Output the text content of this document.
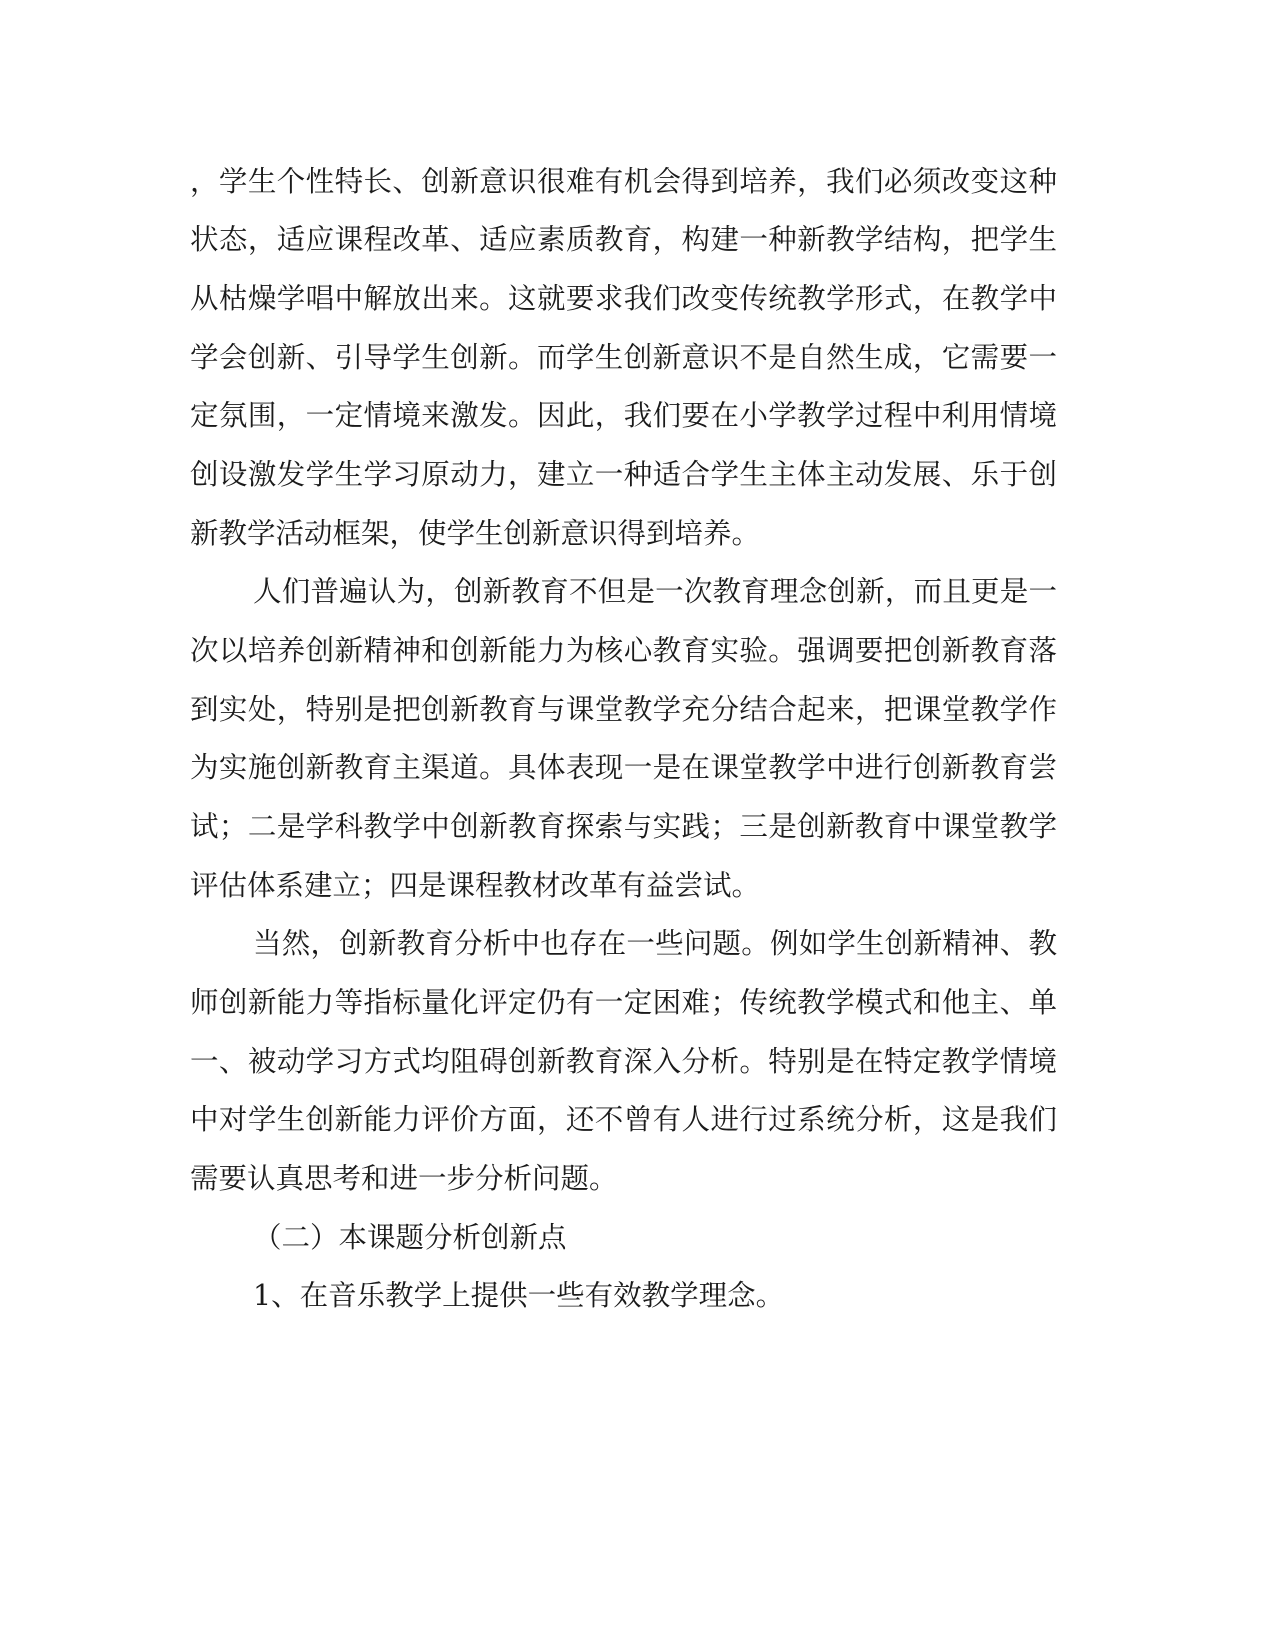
，学生个性特长、创新意识很难有机会得到培养，我们必须改变这种
状态，适应课程改革、适应素质教育，构建一种新教学结构，把学生
从枯燥学唱中解放出来。这就要求我们改变传统教学形式，在教学中
学会创新、引导学生创新。而学生创新意识不是自然生成，它需要一
定氛围，一定情境来激发。因此，我们要在小学教学过程中利用情境
创设激发学生学习原动力，建立一种适合学生主体主动发展、乐于创
新教学活动框架，使学生创新意识得到培养。
人们普遍认为，创新教育不但是一次教育理念创新，而且更是一
次以培养创新精神和创新能力为核心教育实验。强调要把创新教育落
到实处，特别是把创新教育与课堂教学充分结合起来，把课堂教学作
为实施创新教育主渠道。具体表现一是在课堂教学中进行创新教育尝
试；二是学科教学中创新教育探索与实践；三是创新教育中课堂教学
评估体系建立；四是课程教材改革有益尝试。
当然，创新教育分析中也存在一些问题。例如学生创新精神、教
师创新能力等指标量化评定仍有一定困难；传统教学模式和他主、单
一、被动学习方式均阻碍创新教育深入分析。特别是在特定教学情境
中对学生创新能力评价方面，还不曾有人进行过系统分析，这是我们
需要认真思考和进一步分析问题。
（二）本课题分析创新点
1、在音乐教学上提供一些有效教学理念。
